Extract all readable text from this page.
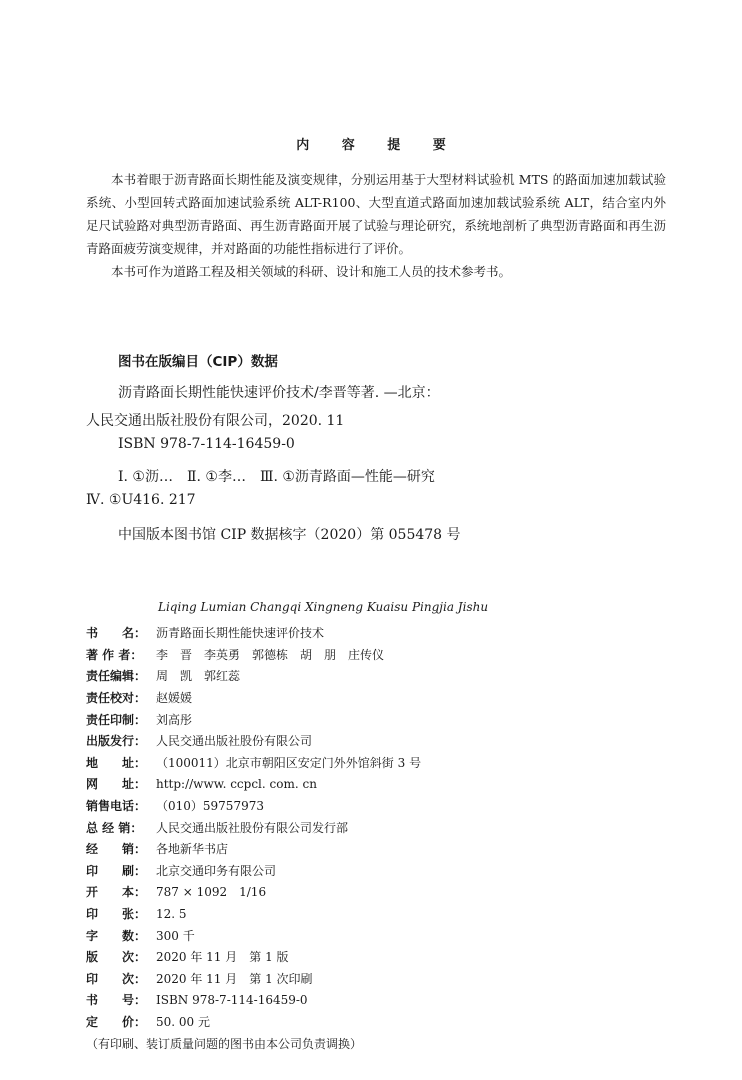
内 容 提 要

本书着眼于沥青路面长期性能及演变规律，分别运用基于大型材料试验机 MTS 的路面加速加载试验系统、小型回转式路面加速试验系统 ALT-R100、大型直道式路面加速加载试验系统 ALT，结合室内外足尺试验路对典型沥青路面、再生沥青路面开展了试验与理论研究，系统地剖析了典型沥青路面和再生沥青路面疲劳演变规律，并对路面的功能性指标进行了评价。

本书可作为道路工程及相关领域的科研、设计和施工人员的技术参考书。

图书在版编目（CIP）数据
沥青路面长期性能快速评价技术/李晋等著. —北京：
人民交通出版社股份有限公司，2020. 11
ISBN 978-7-114-16459-0
Ⅰ. ①沥…　Ⅱ. ①李…　Ⅲ. ①沥青路面—性能—研究
Ⅳ. ①U416. 217
中国版本图书馆 CIP 数据核字（2020）第 055478 号
Liqing Lumian Changqi Xingneng Kuaisu Pingjia Jishu
书　　名： 沥青路面长期性能快速评价技术
著 作 者：	李　晋　李英勇　郭德栋　胡　朋　庄传仪
责任编辑： 周　凯　郭红蕊
责任校对： 赵媛媛
责任印制： 刘高彤
出版发行： 人民交通出版社股份有限公司
地　　址： （100011）北京市朝阳区安定门外外馆斜街 3 号
网　　址： http://www. ccpcl. com. cn
销售电话： （010）59757973
总 经 销：	人民交通出版社股份有限公司发行部
经　　销： 各地新华书店
印　　刷： 北京交通印务有限公司
开　　本： 787 × 1092　1/16
印　　张： 12. 5
字　　数： 300 千
版　　次： 2020 年 11 月　第 1 版
印　　次： 2020 年 11 月　第 1 次印刷
书　　号： ISBN 978-7-114-16459-0
定　　价： 50. 00 元
（有印刷、装订质量问题的图书由本公司负责调换）
